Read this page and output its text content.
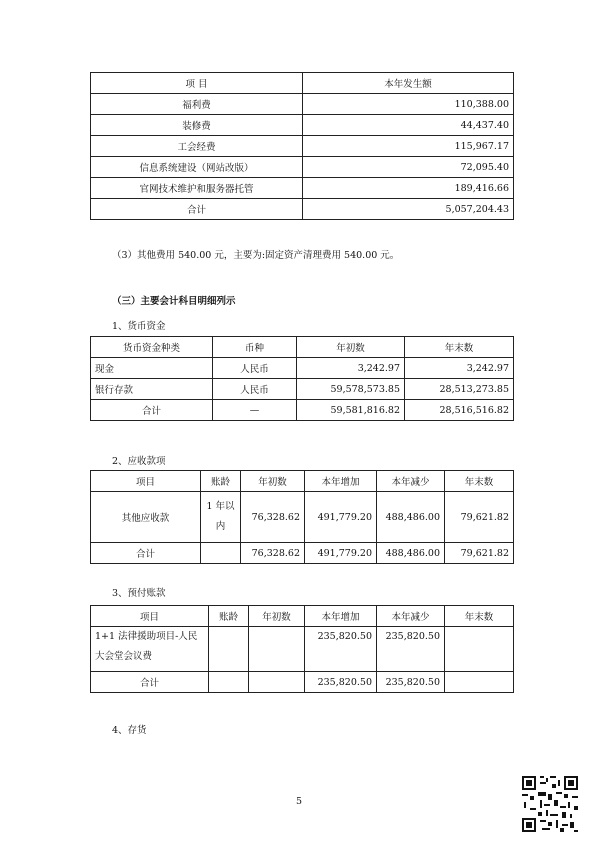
项 目	本年发生额
福利费	110,388.00
装修费	44,437.40
工会经费	115,967.17
信息系统建设（网站改版）	72,095.40
官网技术维护和服务器托管	189,416.66
合计	5,057,204.43
（3）其他费用 540.00 元，主要为:固定资产清理费用 540.00 元。
（三）主要会计科目明细列示
1、货币资金
货币资金种类	币种	年初数	年末数
现金	人民币	3,242.97	3,242.97
银行存款	人民币	59,578,573.85	28,513,273.85
合计	—	59,581,816.82	28,516,516.82
2、应收款项
项目	账龄	年初数	本年增加	本年减少	年末数
其他应收款	1 年以内	76,328.62	491,779.20	488,486.00	79,621.82
合计		76,328.62	491,779.20	488,486.00	79,621.82
3、预付账款
项目	账龄	年初数	本年增加	本年减少	年末数
1+1 法律援助项目-人民大会堂会议费			235,820.50	235,820.50	
合计			235,820.50	235,820.50	
4、存货
5
